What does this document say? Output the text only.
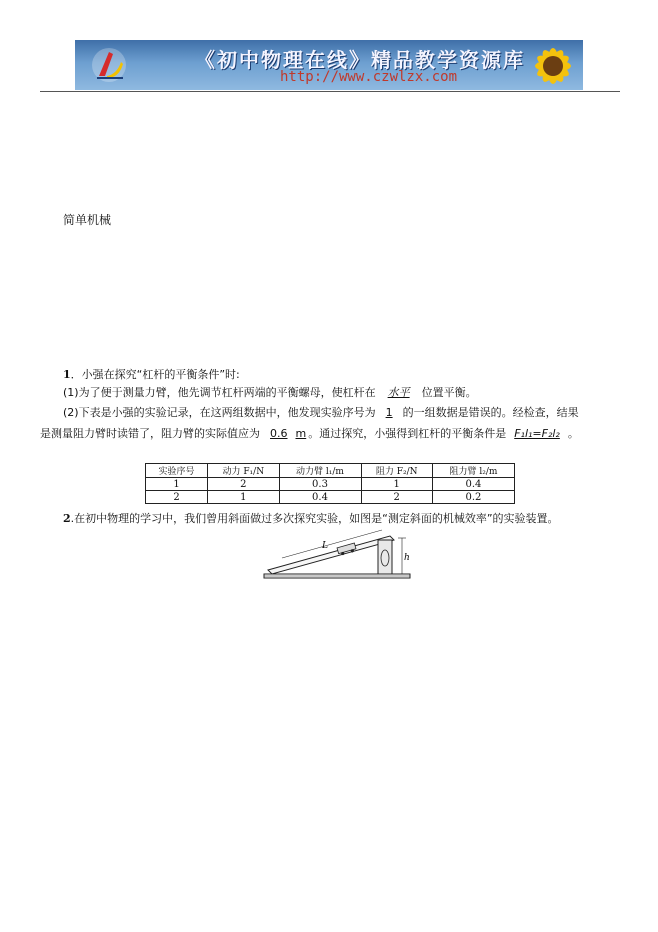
《初中物理在线》精品教学资源库
http://www.czwlzx.com
简单机械
1．小强在探究“杠杆的平衡条件”时:
(1)为了便于测量力臂，他先调节杠杆两端的平衡螺母，使杠杆在 水平 位置平衡。
(2)下表是小强的实验记录，在这两组数据中，他发现实验序号为 1 的一组数据是错误的。经检查，结果
是测量阻力臂时读错了，阻力臂的实际值应为 0.6 m 。通过探究，小强得到杠杆的平衡条件是 F₁l₁=F₂l₂ 。
实验序号	动力 F₁/N	动力臂 l₁/m	阻力 F₂/N	阻力臂 l₂/m
1	2	0.3	1	0.4
2	1	0.4	2	0.2
2.在初中物理的学习中，我们曾用斜面做过多次探究实验，如图是“测定斜面的机械效率”的实验装置。
L
h
